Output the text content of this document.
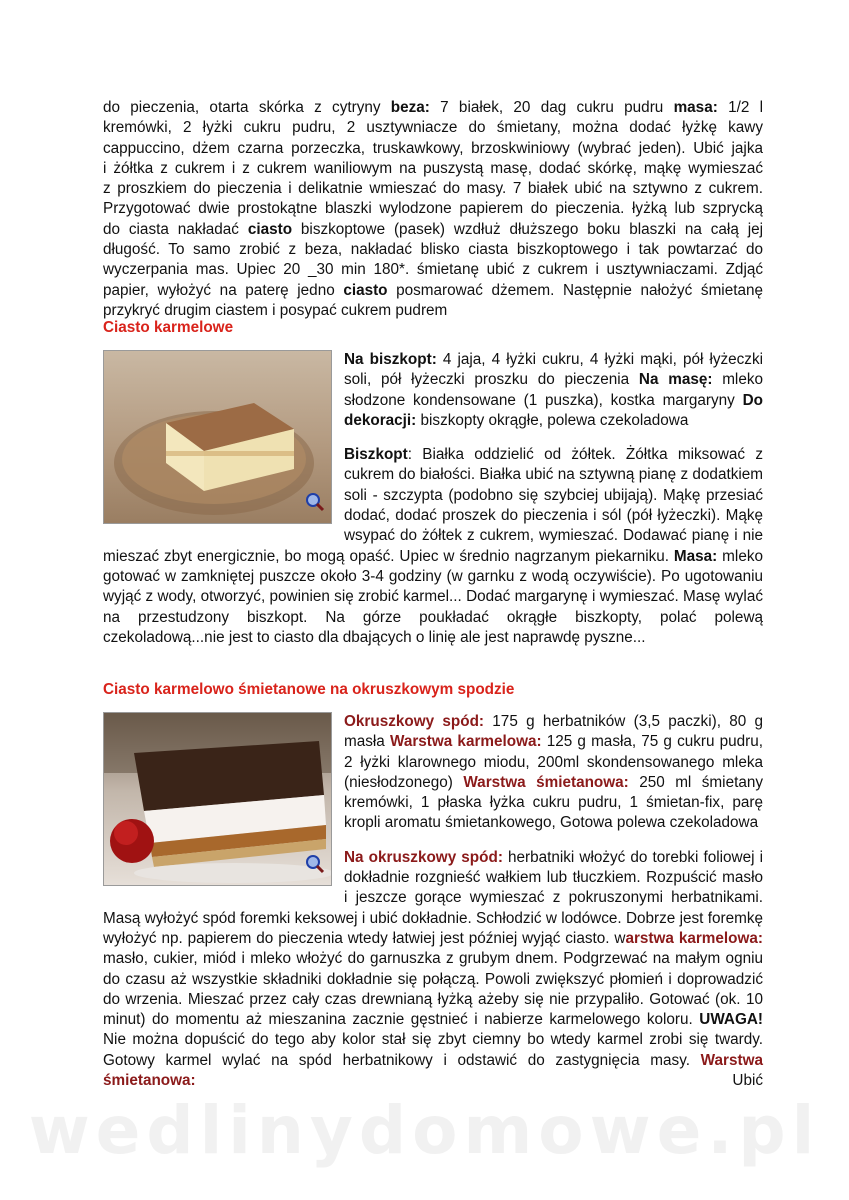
do pieczenia, otarta skórka z cytryny beza: 7 białek, 20 dag cukru pudru masa: 1/2 l
kremówki, 2 łyżki cukru pudru, 2 usztywniacze do śmietany, można dodać łyżkę kawy
cappuccino, dżem czarna porzeczka, truskawkowy, brzoskwiniowy (wybrać jeden). Ubić jajka
i żółtka z cukrem i z cukrem waniliowym na puszystą masę, dodać skórkę, mąkę wymieszać
z proszkiem do pieczenia i delikatnie wmieszać do masy. 7 białek ubić na sztywno z cukrem.
Przygotować dwie prostokątne blaszki wylodzone papierem do pieczenia. łyżką lub szprycką
do ciasta nakładać ciasto biszkoptowe (pasek) wzdłuż dłuższego boku blaszki na całą jej
długość. To samo zrobić z beza, nakładać blisko ciasta biszkoptowego i tak powtarzać do
wyczerpania mas. Upiec 20 _30 min 180*. śmietanę ubić z cukrem i usztywniaczami. Zdjąć
papier, wyłożyć na paterę jedno ciasto posmarować dżemem. Następnie nałożyć śmietanę
przykryć drugim ciastem i posypać cukrem pudrem

Ciasto karmelowe

Na biszkopt: 4 jaja, 4 łyżki cukru, 4 łyżki mąki, pół łyżeczki soli, pół łyżeczki proszku do pieczenia Na masę: mleko słodzone kondensowane (1 puszka), kostka margaryny Do dekoracji: biszkopty okrągłe, polewa czekoladowa

Biszkopt: Białka oddzielić od żółtek. Żółtka miksować z cukrem do białości. Białka ubić na sztywną pianę z dodatkiem soli - szczypta (podobno się szybciej ubijają). Mąkę przesiać dodać, dodać proszek do pieczenia i sól (pół łyżeczki). Mąkę wsypać do żółtek z cukrem, wymieszać. Dodawać pianę i nie mieszać zbyt energicznie, bo mogą opaść. Upiec w średnio nagrzanym piekarniku. Masa: mleko gotować w zamkniętej puszcze około 3-4 godziny (w garnku z wodą oczywiście). Po ugotowaniu wyjąć z wody, otworzyć, powinien się zrobić karmel... Dodać margarynę i wymieszać. Masę wylać na przestudzony biszkopt. Na górze poukładać okrągłe biszkopty, polać polewą czekoladową...nie jest to ciasto dla dbających o linię ale jest naprawdę pyszne...

Ciasto karmelowo śmietanowe na okruszkowym spodzie

Okruszkowy spód: 175 g herbatników (3,5 paczki), 80 g masła Warstwa karmelowa: 125 g masła, 75 g cukru pudru, 2 łyżki klarownego miodu, 200ml skondensowanego mleka (niesłodzonego) Warstwa śmietanowa: 250 ml śmietany kremówki, 1 płaska łyżka cukru pudru, 1 śmietan-fix, parę kropli aromatu śmietankowego, Gotowa polewa czekoladowa

Na okruszkowy spód: herbatniki włożyć do torebki foliowej i dokładnie rozgnieść wałkiem lub tłuczkiem. Rozpuścić masło i jeszcze gorące wymieszać z pokruszonymi herbatnikami. Masą wyłożyć spód foremki keksowej i ubić dokładnie. Schłodzić w lodówce. Dobrze jest foremkę wyłożyć np. papierem do pieczenia wtedy łatwiej jest później wyjąć ciasto. warstwa karmelowa: masło, cukier, miód i mleko włożyć do garnuszka z grubym dnem. Podgrzewać na małym ogniu do czasu aż wszystkie składniki dokładnie się połączą. Powoli zwiększyć płomień i doprowadzić do wrzenia. Mieszać przez cały czas drewnianą łyżką ażeby się nie przypaliło. Gotować (ok. 10 minut) do momentu aż mieszanina zacznie gęstnieć i nabierze karmelowego koloru. UWAGA! Nie można dopuścić do tego aby kolor stał się zbyt ciemny bo wtedy karmel zrobi się twardy. Gotowy karmel wylać na spód herbatnikowy i odstawić do zastygnięcia masy. Warstwa śmietanowa: Ubić

wedlinydomowe.pl
